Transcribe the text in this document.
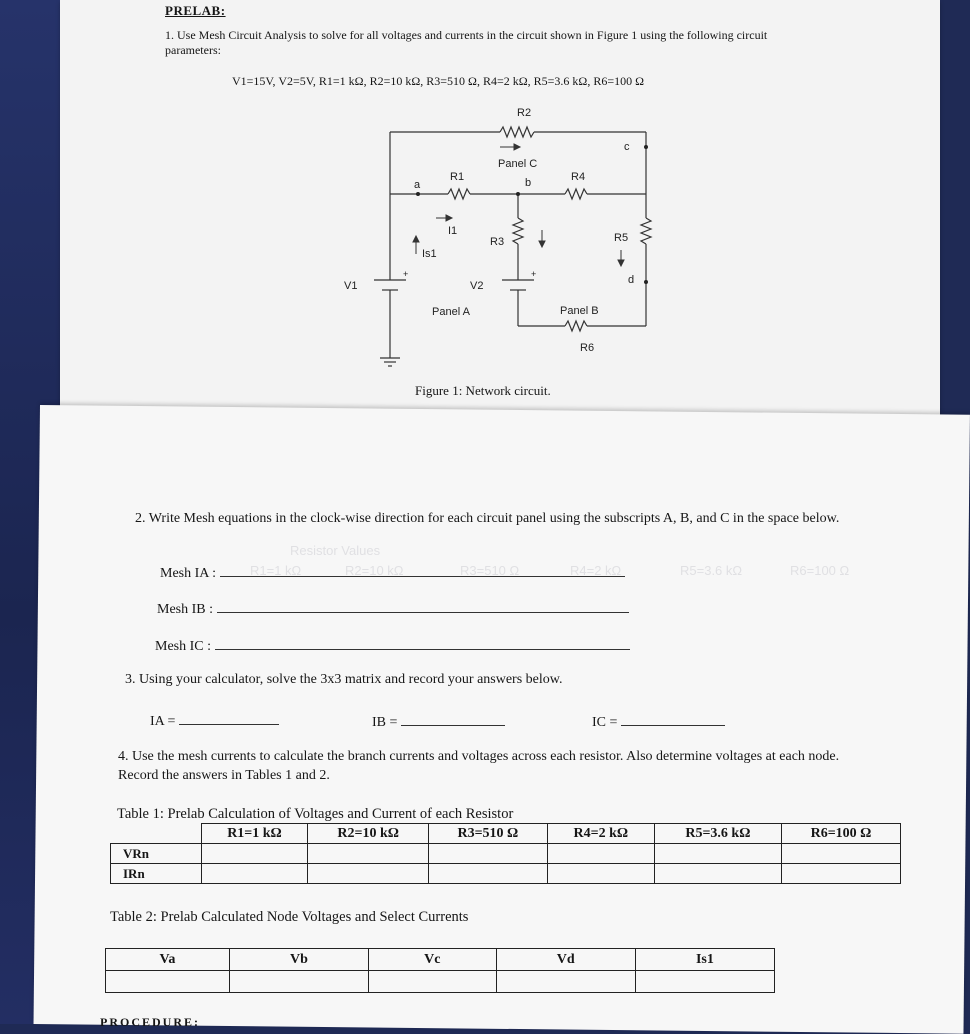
PRELAB:
1. Use Mesh Circuit Analysis to solve for all voltages and currents in the circuit shown in Figure 1 using the following circuit parameters:
V1=15V, V2=5V, R1=1 kΩ, R2=10 kΩ, R3=510 Ω, R4=2 kΩ, R5=3.6 kΩ, R6=100 Ω
R2
Panel C
R1	R4
a	b
c
d
I1
R3	R5
Is1
V1	V2
+	+
Panel A	Panel B
R6
Figure 1: Network circuit.
Resistor Values
R1=1 kΩ	R2=10 kΩ	R3=510 Ω	R4=2 kΩ	R5=3.6 kΩ	R6=100 Ω
2. Write Mesh equations in the clock-wise direction for each circuit panel using the subscripts A, B, and C in the space below.
Mesh IA :
Mesh IB :
Mesh IC :
3. Using your calculator, solve the 3x3 matrix and record your answers below.
IA =	IB =	IC =
4. Use the mesh currents to calculate the branch currents and voltages across each resistor. Also determine voltages at each node. Record the answers in Tables 1 and 2.
Table 1: Prelab Calculation of Voltages and Current of each Resistor
	R1=1 kΩ	R2=10 kΩ	R3=510 Ω	R4=2 kΩ	R5=3.6 kΩ	R6=100 Ω
VRn						
IRn						
Table 2: Prelab Calculated Node Voltages and Select Currents
Va	Vb	Vc	Vd	Is1

PROCEDURE:
